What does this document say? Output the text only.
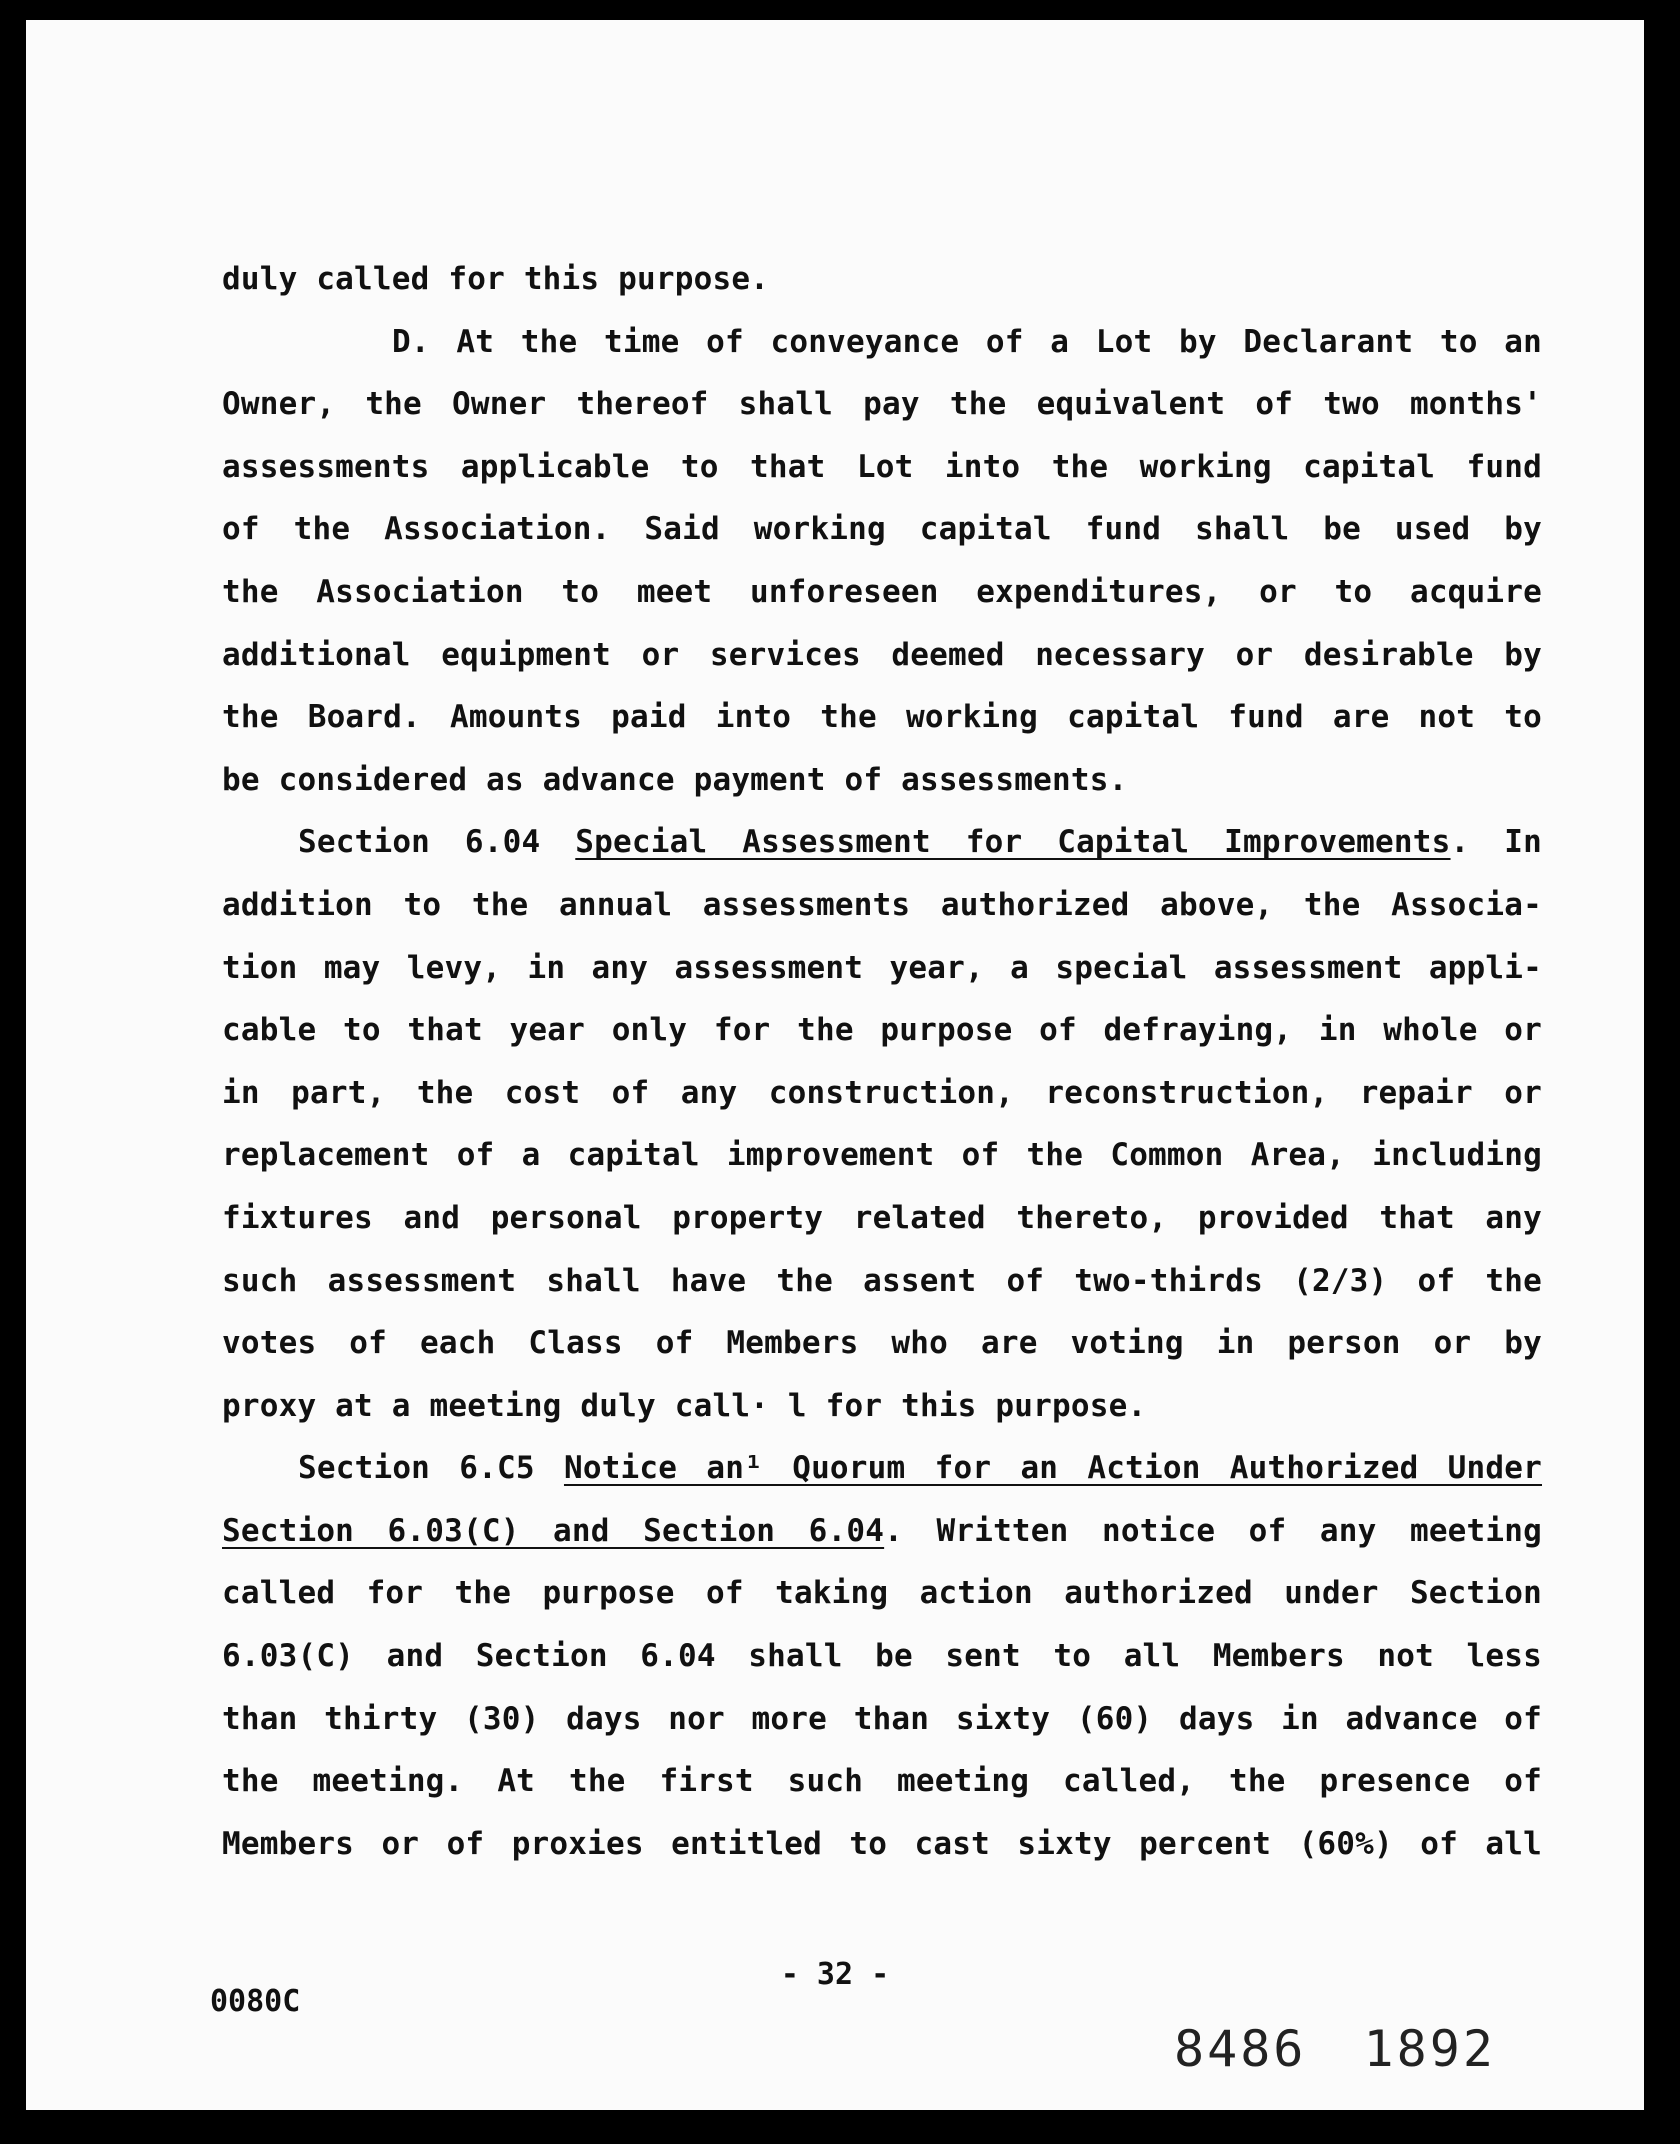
duly called for this purpose.
D. At the time of conveyance of a Lot by Declarant to an
Owner, the Owner thereof shall pay the equivalent of two months'
assessments applicable to that Lot into the working capital fund
of the Association. Said working capital fund shall be used by
the Association to meet unforeseen expenditures, or to acquire
additional equipment or services deemed necessary or desirable by
the Board. Amounts paid into the working capital fund are not to
be considered as advance payment of assessments.
Section 6.04 Special Assessment for Capital Improvements. In
addition to the annual assessments authorized above, the Associa-
tion may levy, in any assessment year, a special assessment appli-
cable to that year only for the purpose of defraying, in whole or
in part, the cost of any construction, reconstruction, repair or
replacement of a capital improvement of the Common Area, including
fixtures and personal property related thereto, provided that any
such assessment shall have the assent of two-thirds (2/3) of the
votes of each Class of Members who are voting in person or by
proxy at a meeting duly call· l for this purpose.
Section 6.C5 Notice an¹ Quorum for an Action Authorized Under
Section 6.03(C) and Section 6.04. Written notice of any meeting
called for the purpose of taking action authorized under Section
6.03(C) and Section 6.04 shall be sent to all Members not less
than thirty (30) days nor more than sixty (60) days in advance of
the meeting. At the first such meeting called, the presence of
Members or of proxies entitled to cast sixty percent (60%) of all
- 32 -
0080C
8486 1892
